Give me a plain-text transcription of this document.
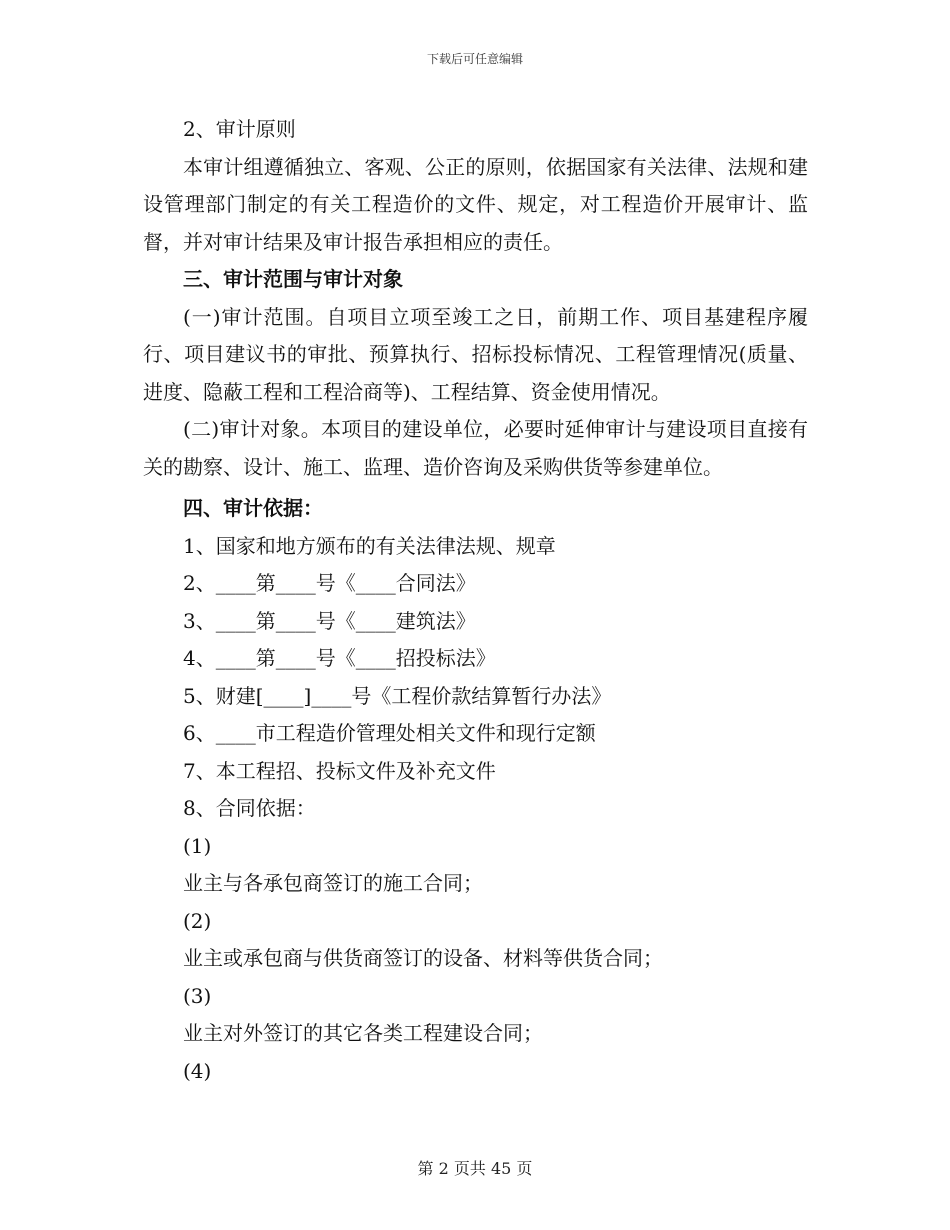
下载后可任意编辑

2、审计原则

本审计组遵循独立、客观、公正的原则，依据国家有关法律、法规和建设管理部门制定的有关工程造价的文件、规定，对工程造价开展审计、监督，并对审计结果及审计报告承担相应的责任。

三、审计范围与审计对象

(一)审计范围。自项目立项至竣工之日，前期工作、项目基建程序履行、项目建议书的审批、预算执行、招标投标情况、工程管理情况(质量、进度、隐蔽工程和工程洽商等)、工程结算、资金使用情况。

(二)审计对象。本项目的建设单位，必要时延伸审计与建设项目直接有关的勘察、设计、施工、监理、造价咨询及采购供货等参建单位。

四、审计依据：

1、国家和地方颁布的有关法律法规、规章

2、____第____号《____合同法》

3、____第____号《____建筑法》

4、____第____号《____招投标法》

5、财建[____]____号《工程价款结算暂行办法》

6、____市工程造价管理处相关文件和现行定额

7、本工程招、投标文件及补充文件

8、合同依据：

(1)

业主与各承包商签订的施工合同；

(2)

业主或承包商与供货商签订的设备、材料等供货合同；

(3)

业主对外签订的其它各类工程建设合同；

(4)

第 2 页共 45 页
